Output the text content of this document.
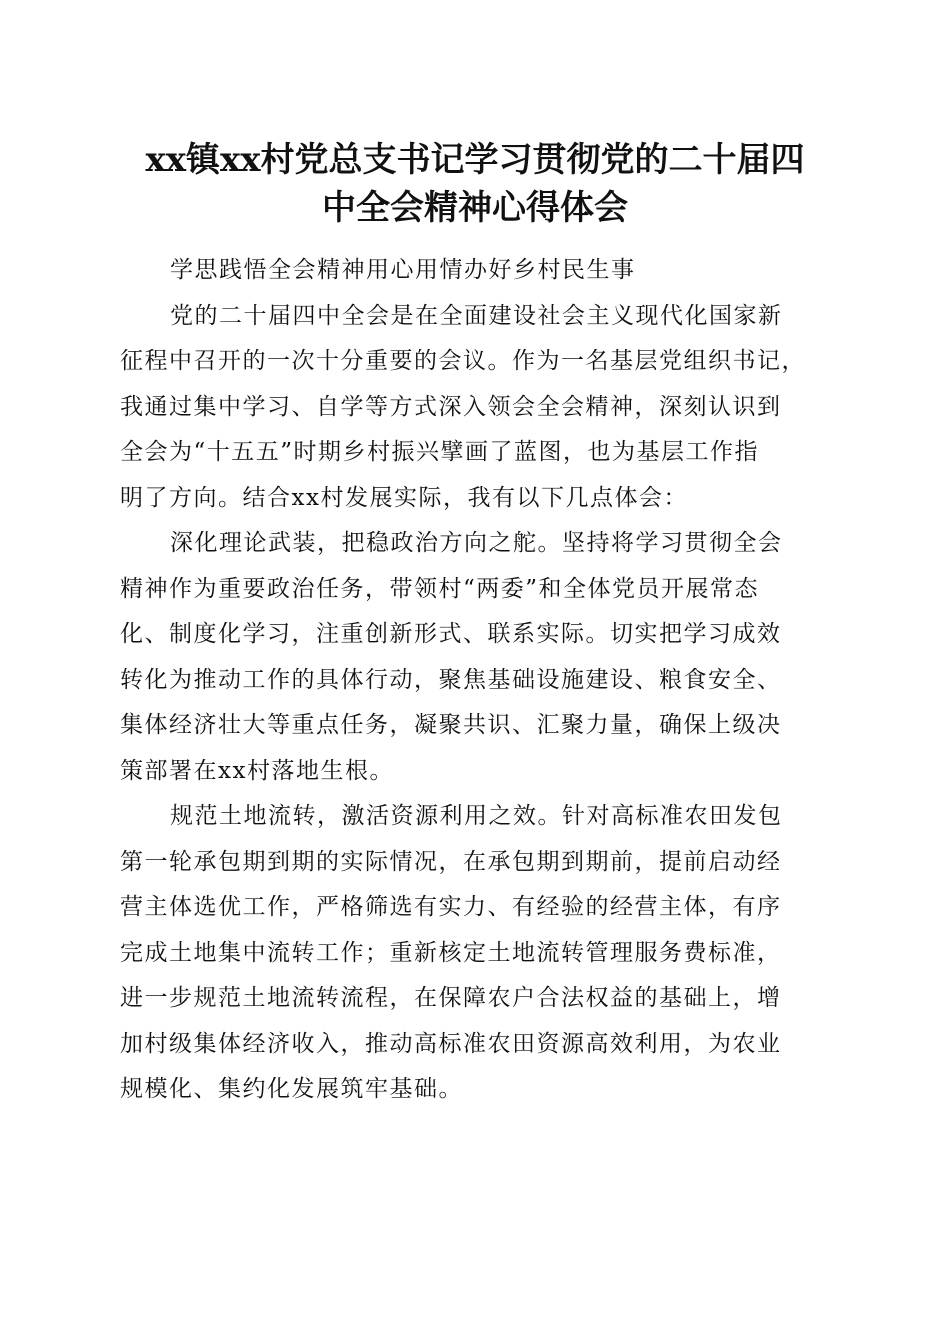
xx镇xx村党总支书记学习贯彻党的二十届四
中全会精神心得体会

学思践悟全会精神用心用情办好乡村民生事

党的二十届四中全会是在全面建设社会主义现代化国家新
征程中召开的一次十分重要的会议。作为一名基层党组织书记，
我通过集中学习、自学等方式深入领会全会精神，深刻认识到
全会为“十五五”时期乡村振兴擘画了蓝图，也为基层工作指
明了方向。结合xx村发展实际，我有以下几点体会：

深化理论武装，把稳政治方向之舵。坚持将学习贯彻全会
精神作为重要政治任务，带领村“两委”和全体党员开展常态
化、制度化学习，注重创新形式、联系实际。切实把学习成效
转化为推动工作的具体行动，聚焦基础设施建设、粮食安全、
集体经济壮大等重点任务，凝聚共识、汇聚力量，确保上级决
策部署在xx村落地生根。

规范土地流转，激活资源利用之效。针对高标准农田发包
第一轮承包期到期的实际情况，在承包期到期前，提前启动经
营主体选优工作，严格筛选有实力、有经验的经营主体，有序
完成土地集中流转工作；重新核定土地流转管理服务费标准，
进一步规范土地流转流程，在保障农户合法权益的基础上，增
加村级集体经济收入，推动高标准农田资源高效利用，为农业
规模化、集约化发展筑牢基础。
